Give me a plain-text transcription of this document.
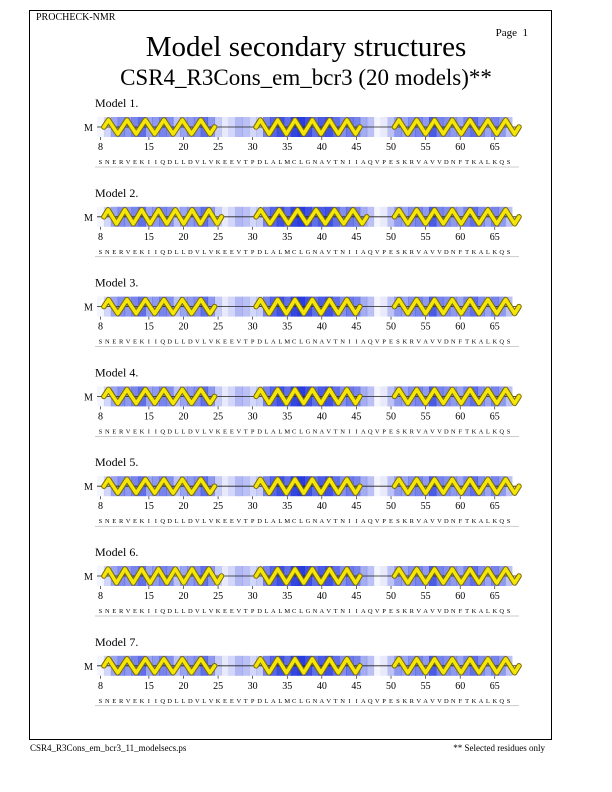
PROCHECK-NMR
Page 1
Model secondary structures
CSR4_R3Cons_em_bcr3 (20 models)**
Model 1.
M
8	15 20 25 30 35 40 45 50 55 60 65
S N E R V E K I I Q D L L D V L V K E E V T P D L A L M C L G N A V T N I I A Q V P E S K R V A V V D N F T K A L K Q S
Model 2.
M
8	15 20 25 30 35 40 45 50 55 60 65
S N E R V E K I I Q D L L D V L V K E E V T P D L A L M C L G N A V T N I I A Q V P E S K R V A V V D N F T K A L K Q S
Model 3.
M
8	15 20 25 30 35 40 45 50 55 60 65
S N E R V E K I I Q D L L D V L V K E E V T P D L A L M C L G N A V T N I I A Q V P E S K R V A V V D N F T K A L K Q S
Model 4.
M
8	15 20 25 30 35 40 45 50 55 60 65
S N E R V E K I I Q D L L D V L V K E E V T P D L A L M C L G N A V T N I I A Q V P E S K R V A V V D N F T K A L K Q S
Model 5.
M
8	15 20 25 30 35 40 45 50 55 60 65
S N E R V E K I I Q D L L D V L V K E E V T P D L A L M C L G N A V T N I I A Q V P E S K R V A V V D N F T K A L K Q S
Model 6.
M
8	15 20 25 30 35 40 45 50 55 60 65
S N E R V E K I I Q D L L D V L V K E E V T P D L A L M C L G N A V T N I I A Q V P E S K R V A V V D N F T K A L K Q S
Model 7.
M
8	15 20 25 30 35 40 45 50 55 60 65
S N E R V E K I I Q D L L D V L V K E E V T P D L A L M C L G N A V T N I I A Q V P E S K R V A V V D N F T K A L K Q S
CSR4_R3Cons_em_bcr3_11_modelsecs.ps	** Selected residues only
